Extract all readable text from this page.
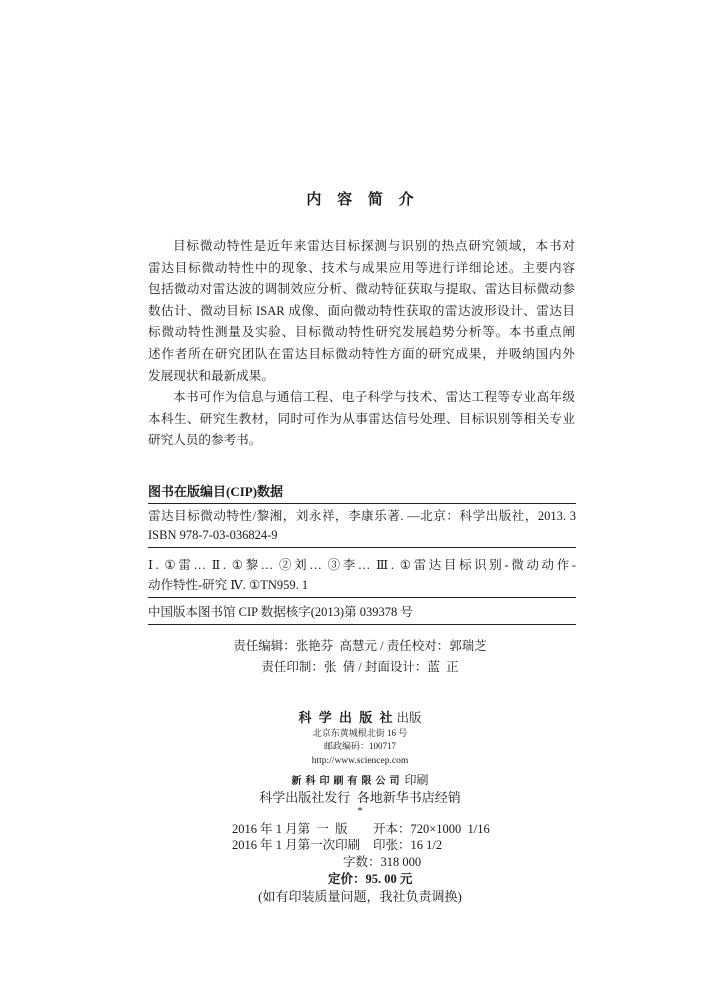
内 容 简 介
目标微动特性是近年来雷达目标探测与识别的热点研究领域，本书对
雷达目标微动特性中的现象、技术与成果应用等进行详细论述。主要内容
包括微动对雷达波的调制效应分析、微动特征获取与提取、雷达目标微动参
数估计、微动目标 ISAR 成像、面向微动特性获取的雷达波形设计、雷达目
标微动特性测量及实验、目标微动特性研究发展趋势分析等。本书重点阐
述作者所在研究团队在雷达目标微动特性方面的研究成果，并吸纳国内外
发展现状和最新成果。
本书可作为信息与通信工程、电子科学与技术、雷达工程等专业高年级
本科生、研究生教材，同时可作为从事雷达信号处理、目标识别等相关专业
研究人员的参考书。
图书在版编目(CIP)数据
雷达目标微动特性/黎湘，刘永祥，李康乐著. —北京：科学出版社，2013. 3
ISBN 978-7-03-036824-9
Ⅰ. ①雷… Ⅱ. ①黎… ②刘… ③李… Ⅲ. ①雷达目标识别-微动动作-
动作特性-研究 Ⅳ. ①TN959. 1
中国版本图书馆 CIP 数据核字(2013)第 039378 号
责任编辑：张艳芬  高慧元 / 责任校对：郭瑞芝
责任印制：张  倩 / 封面设计：蓝  正
科 学 出 版 社 出版
北京东黄城根北街 16 号
邮政编码：100717
http://www.sciencep.com
新 科 印 刷 有 限 公 司 印刷
科学出版社发行  各地新华书店经销
*
2016 年 1 月第  一  版 开本：720×1000  1/16
2016 年 1 月第一次印刷 印张：16 1/2
字数：318 000
定价：95. 00 元
(如有印装质量问题，我社负责调换)
